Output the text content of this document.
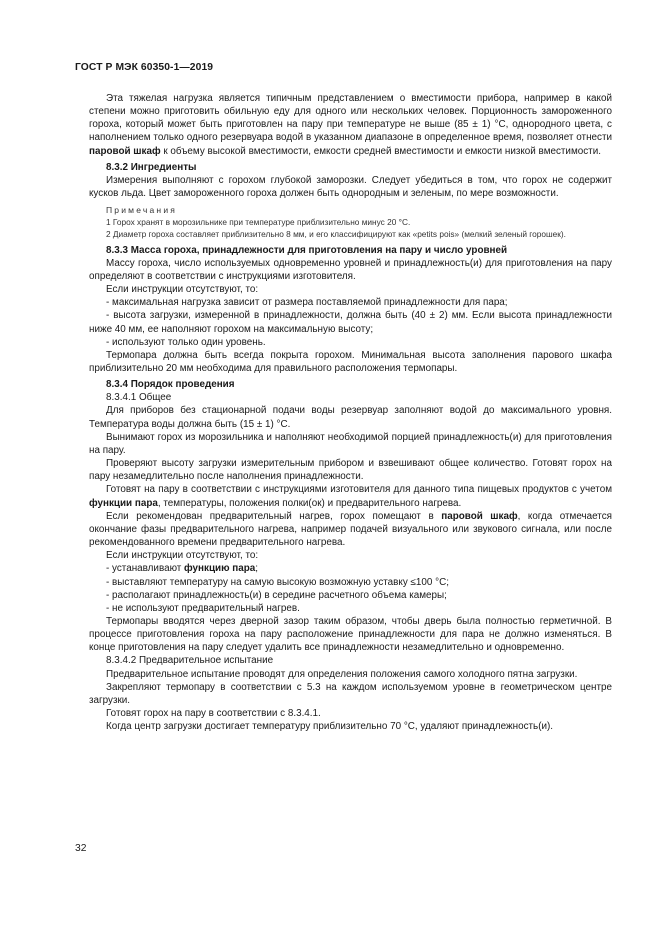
ГОСТ Р МЭК 60350-1—2019

Эта тяжелая нагрузка является типичным представлением о вместимости прибора, например в какой степени можно приготовить обильную еду для одного или нескольких человек. Порционность замороженного гороха, который может быть приготовлен на пару при температуре не выше (85 ± 1) °С, однородного цвета, с наполнением только одного резервуара водой в указанном диапазоне в определенное время, позволяет отнести паровой шкаф к объему высокой вместимости, емкости средней вместимости и емкости низкой вместимости.

8.3.2 Ингредиенты

Измерения выполняют с горохом глубокой заморозки. Следует убедиться в том, что горох не содержит кусков льда. Цвет замороженного гороха должен быть однородным и зеленым, по мере возможности.

Примечания

1 Горох хранят в морозильнике при температуре приблизительно минус 20 °С.

2 Диаметр гороха составляет приблизительно 8 мм, и его классифицируют как «petits pois» (мелкий зеленый горошек).

8.3.3 Масса гороха, принадлежности для приготовления на пару и число уровней

Массу гороха, число используемых одновременно уровней и принадлежность(и) для приготовления на пару определяют в соответствии с инструкциями изготовителя.

Если инструкции отсутствуют, то:

- максимальная нагрузка зависит от размера поставляемой принадлежности для пара;

- высота загрузки, измеренной в принадлежности, должна быть (40 ± 2) мм. Если высота принадлежности ниже 40 мм, ее наполняют горохом на максимальную высоту;

- используют только один уровень.

Термопара должна быть всегда покрыта горохом. Минимальная высота заполнения парового шкафа приблизительно 20 мм необходима для правильного расположения термопары.

8.3.4 Порядок проведения

8.3.4.1 Общее

Для приборов без стационарной подачи воды резервуар заполняют водой до максимального уровня. Температура воды должна быть (15 ± 1) °С.

Вынимают горох из морозильника и наполняют необходимой порцией принадлежность(и) для приготовления на пару.

Проверяют высоту загрузки измерительным прибором и взвешивают общее количество. Готовят горох на пару незамедлительно после наполнения принадлежности.

Готовят на пару в соответствии с инструкциями изготовителя для данного типа пищевых продуктов с учетом функции пара, температуры, положения полки(ок) и предварительного нагрева.

Если рекомендован предварительный нагрев, горох помещают в паровой шкаф, когда отмечается окончание фазы предварительного нагрева, например подачей визуального или звукового сигнала, или после рекомендованного времени предварительного нагрева.

Если инструкции отсутствуют, то:

- устанавливают функцию пара;

- выставляют температуру на самую высокую возможную уставку ≤100 °С;

- располагают принадлежность(и) в середине расчетного объема камеры;

- не используют предварительный нагрев.

Термопары вводятся через дверной зазор таким образом, чтобы дверь была полностью герметичной. В процессе приготовления гороха на пару расположение принадлежности для пара не должно изменяться. В конце приготовления на пару следует удалить все принадлежности незамедлительно и одновременно.

8.3.4.2 Предварительное испытание

Предварительное испытание проводят для определения положения самого холодного пятна загрузки.

Закрепляют термопару в соответствии с 5.3 на каждом используемом уровне в геометрическом центре загрузки.

Готовят горох на пару в соответствии с 8.3.4.1.

Когда центр загрузки достигает температуру приблизительно 70 °С, удаляют принадлежность(и).

32
